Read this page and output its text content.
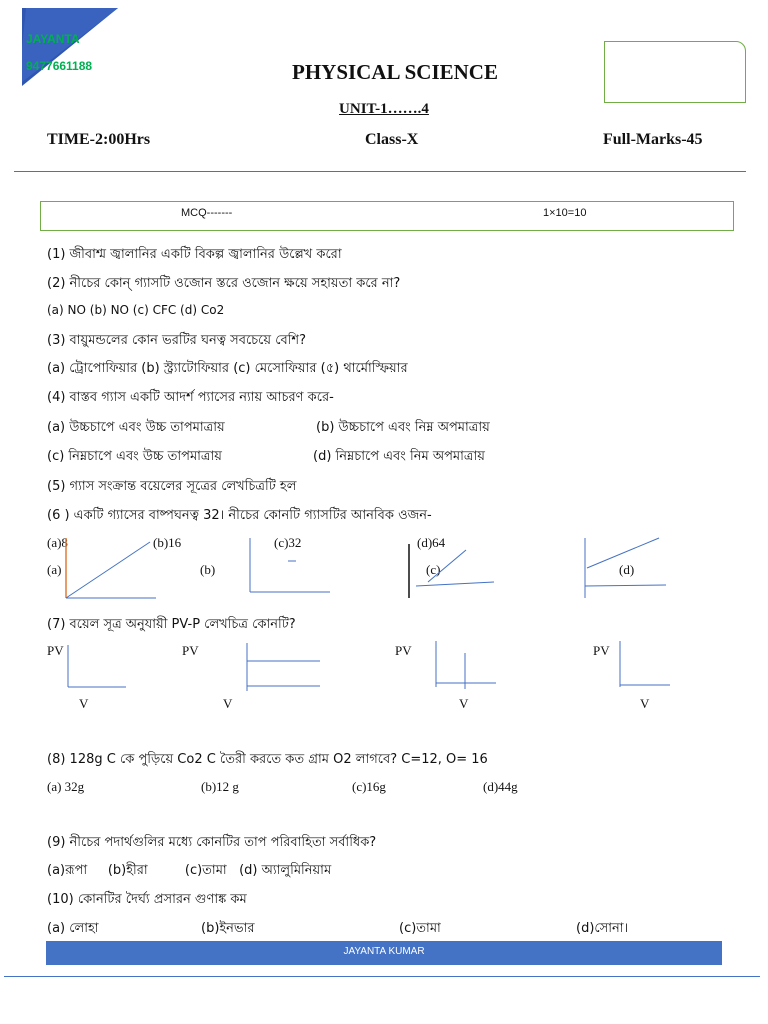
JAYANTA
9477661188	PHYSICAL SCIENCE
UNIT-1…….4
TIME-2:00Hrs	Class-X	Full-Marks-45
MCQ-------	1×10=10
(1) জীবাশ্ম জ্বালানির একটি বিকল্প জ্বালানির উল্লেখ করো
(2) নীচের কোন্ গ্যাসটি ওজোন স্তরে ওজোন ক্ষয়ে সহায়তা করে না?
(a) NO (b) NO (c) CFC (d) Co2
(3) বায়ুমন্ডলের কোন ভরটির ঘনত্ব সবচেয়ে বেশি?
(a) ট্রোপোফিয়ার (b) স্ট্র্যাটোফিয়ার (c) মেসোফিয়ার (৫) থার্মোস্ফিয়ার
(4) বাস্তব গ্যাস একটি আদর্শ প্যাসের ন্যায় আচরণ করে-
(a) উচ্চচাপে এবং উচ্চ তাপমাত্রায়	(b) উচ্চচাপে এবং নিম্ন অপমাত্রায়
(c) নিম্নচাপে এবং উচ্চ তাপমাত্রায়	(d) নিম্নচাপে এবং নিম অপমাত্রায়
(5) গ্যাস সংক্রান্ত বয়েলের সূত্রের লেখচিত্রটি হল
(6 ) একটি গ্যাসের বাষ্পঘনত্ব 32। নীচের কোনটি গ্যাসটির আনবিক ওজন-
(a)8	(b)16	(c)32	(d)64
(a)	(b)	(c)	(d)
(7) বয়েল সূত্র অনুযায়ী PV-P লেখচিত্র কোনটি?
PV	PV	PV	PV
V	V	V	V
(8) 128g C কে পুড়িয়ে Co2 C তৈরী করতে কত গ্রাম O2 লাগবে? C=12, O= 16
(a) 32g	(b)12 g	(c)16g	(d)44g
(9) নীচের পদার্থগুলির মধ্যে কোনটির তাপ পরিবাহিতা সর্বাধিক?
(a)রূপা     (b)হীরা         (c)তামা   (d) অ্যালুমিনিয়াম
(10) কোনটির দৈর্ঘ্য প্রসারন গুণাঙ্ক কম
(a) লোহা	(b)ইনভার	(c)তামা	(d)সোনা।
JAYANTA KUMAR
